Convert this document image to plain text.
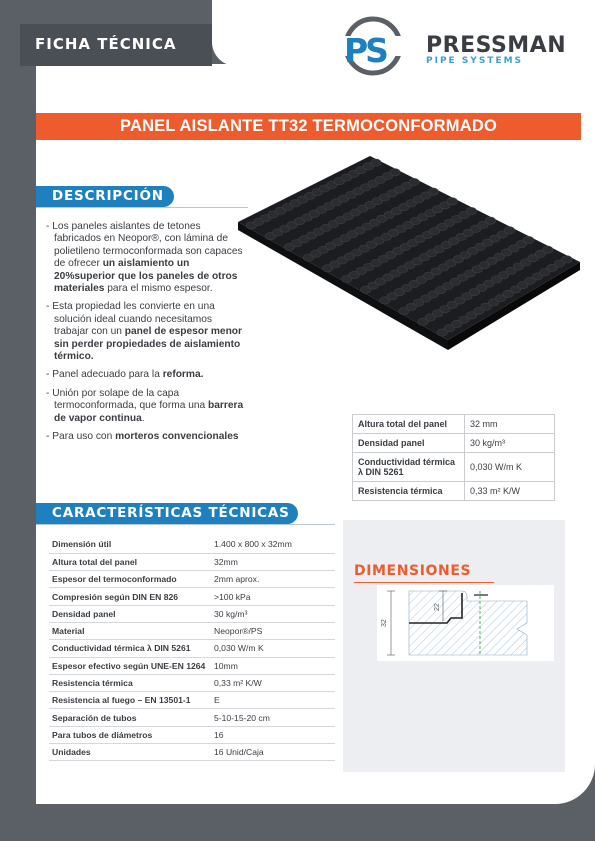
FICHA TÉCNICA	PS PRESSMAN
PIPE SYSTEMS
PANEL AISLANTE TT32 TERMOCONFORMADO
DESCRIPCIÓN

- Los paneles aislantes de tetones fabricados en Neopor®, con lámina de polietileno termoconformada son capaces de ofrecer un aislamiento un 20%superior que los paneles de otros materiales para el mismo espesor.

- Esta propiedad les convierte en una solución ideal cuando necesitamos trabajar con un panel de espesor menor sin perder propiedades de aislamiento térmico.

- Panel adecuado para la reforma.

- Unión por solape de la capa termoconformada, que forma una barrera de vapor continua.

- Para uso con morteros convencionales

Altura total del panel	32 mm
Densidad panel	30 kg/m³
Conductividad térmica λ DIN 5261	0,030 W/m K
Resistencia térmica	0,33 m² K/W
CARACTERÍSTICAS TÉCNICAS
DIMENSIONES
32
22
Dimensión útil	1.400 x 800 x 32mm
Altura total del panel	32mm
Espesor del termoconformado	2mm aprox.
Compresión según DIN EN 826	>100 kPa
Densidad panel	30 kg/m³
Material	Neopor®/PS
Conductividad térmica λ DIN 5261	0,030 W/m K
Espesor efectivo según UNE-EN 1264	10mm
Resistencia térmica	0,33 m² K/W
Resistencia al fuego – EN 13501-1	E
Separación de tubos	5-10-15-20 cm
Para tubos de diámetros	16
Unidades	16 Unid/Caja
